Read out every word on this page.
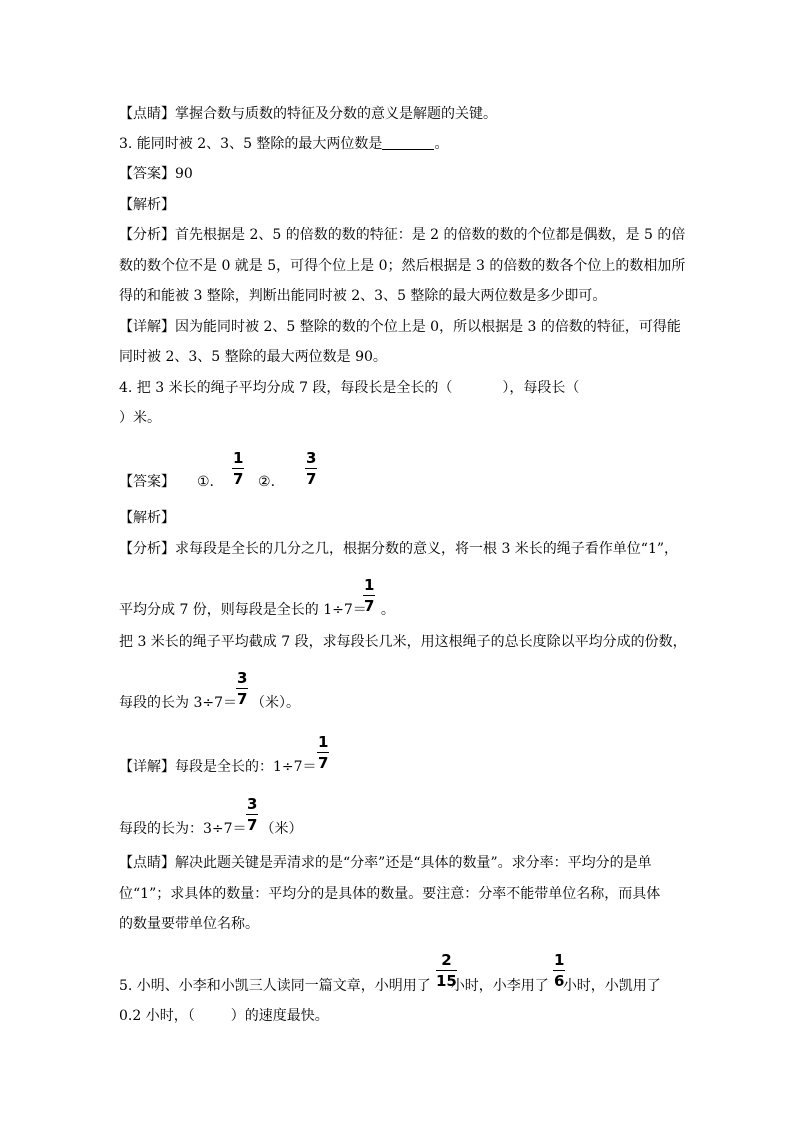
【点睛】掌握合数与质数的特征及分数的意义是解题的关键。
3. 能同时被 2、3、5 整除的最大两位数是	。
【答案】90
【解析】
【分析】首先根据是 2、5 的倍数的数的特征：是 2 的倍数的数的个位都是偶数，是 5 的倍
数的数个位不是 0 就是 5，可得个位上是 0；然后根据是 3 的倍数的数各个位上的数相加所
得的和能被 3 整除，判断出能同时被 2、3、5 整除的最大两位数是多少即可。
【详解】因为能同时被 2、5 整除的数的个位上是 0，所以根据是 3 的倍数的特征，可得能
同时被 2、3、5 整除的最大两位数是 90。
4. 把 3 米长的绳子平均分成 7 段，每段长是全长的（	），每段长（
）米。
【答案】 ①.	②.
1
7
3
7
【解析】
【分析】求每段是全长的几分之几，根据分数的意义，将一根 3 米长的绳子看作单位“1”，
平均分成 7 份，则每段是全长的 1÷7＝ 。
1
7
把 3 米长的绳子平均截成 7 段，求每段长几米，用这根绳子的总长度除以平均分成的份数，
每段的长为 3÷7＝ （米）。
3
7
【详解】每段是全长的：1÷7＝
1
7
每段的长为：3÷7＝ （米）
3
7
【点睛】解决此题关键是弄清求的是“分率”还是“具体的数量”。求分率：平均分的是单
位“1”；求具体的数量：平均分的是具体的数量。要注意：分率不能带单位名称，而具体
的数量要带单位名称。
5. 小明、小李和小凯三人读同一篇文章，小明用了 小时，小李用了 小时，小凯用了
2
15
1
6
0.2 小时，（	）的速度最快。
